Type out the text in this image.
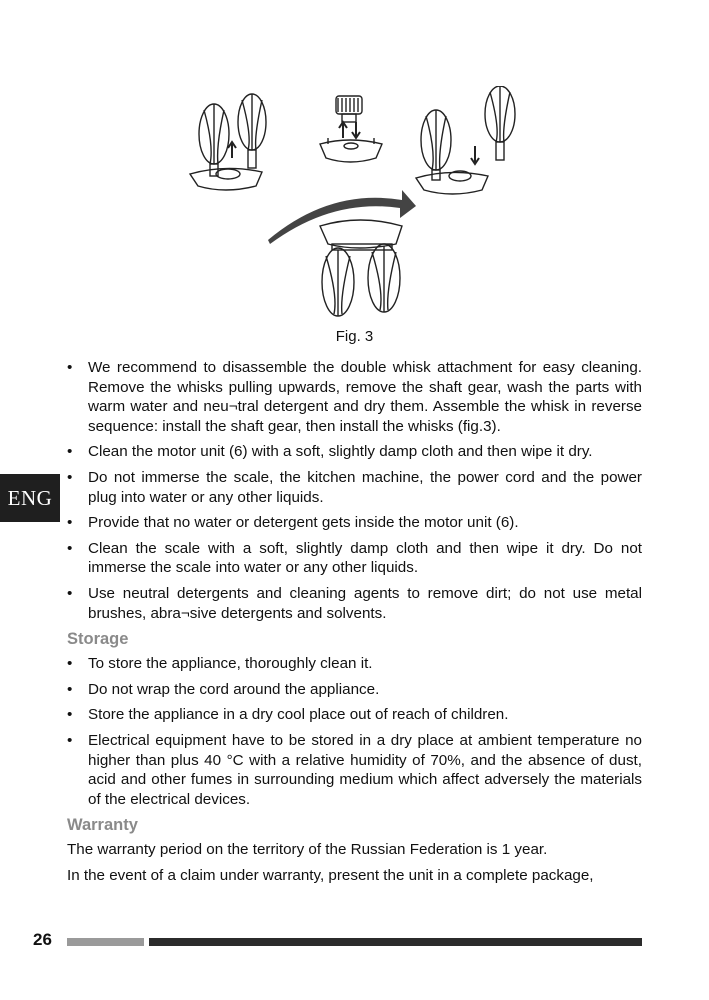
Fig. 3
ENG
• We recommend to disassemble the double whisk attachment for easy cleaning. Remove the whisks pulling upwards, remove the shaft gear, wash the parts with warm water and neu¬tral detergent and dry them. Assemble the whisk in reverse sequence: install the shaft gear, then install the whisks (fig.3).
• Clean the motor unit (6) with a soft, slightly damp cloth and then wipe it dry.
• Do not immerse the scale, the kitchen machine, the power cord and the power plug into water or any other liquids.
• Provide that no water or detergent gets inside the motor unit (6).
• Clean the scale with a soft, slightly damp cloth and then wipe it dry. Do not immerse the scale into water or any other liquids.
• Use neutral detergents and cleaning agents to remove dirt; do not use metal brushes, abra¬sive detergents and solvents.
Storage
• To store the appliance, thoroughly clean it.
• Do not wrap the cord around the appliance.
• Store the appliance in a dry cool place out of reach of children.
• Electrical equipment have to be stored in a dry place at ambient temperature no higher than plus 40 °C with a relative humidity of 70%, and the absence of dust, acid and other fumes in surrounding medium which affect adversely the materials of the electrical devices.
Warranty

The warranty period on the territory of the Russian Federation is 1 year.

In the event of a claim under warranty, present the unit in a complete package,

26
